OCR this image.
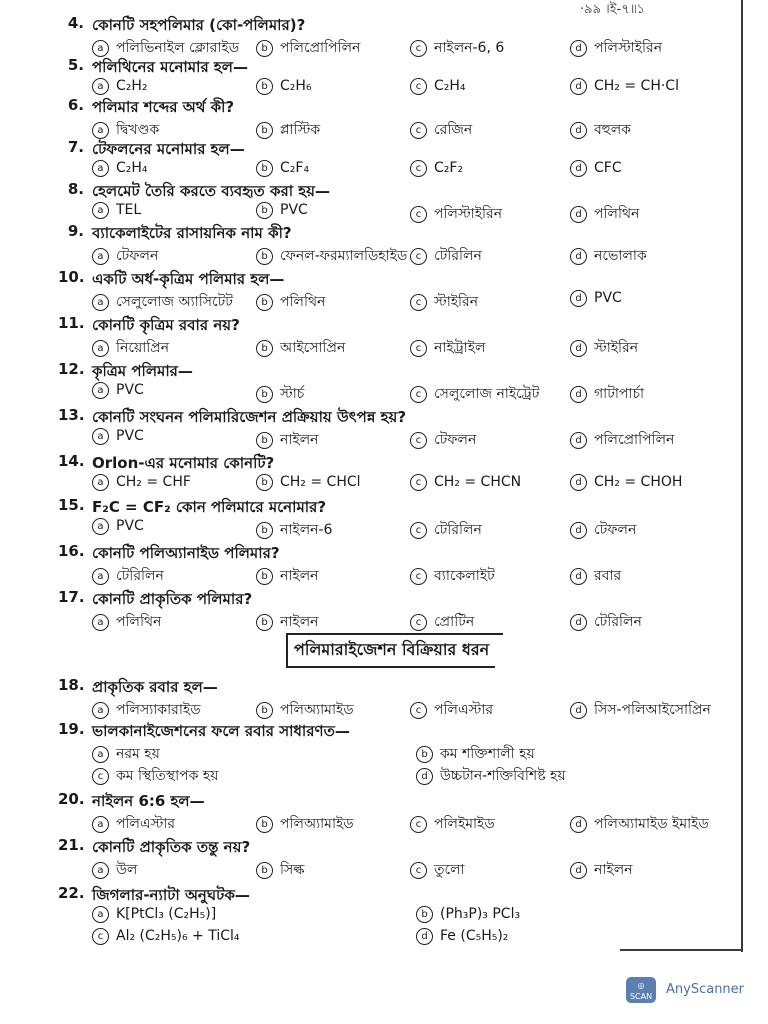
·৯৯ ।ই-৭।৷১
4. কোনটি সহপলিমার (কো-পলিমার)?
a পলিভিনাইল ক্লোরাইড	b পলিপ্রোপিলিন	c নাইলন-6, 6	d পলিস্টাইরিন
5. পলিথিনের মনোমার হল—
a C₂H₂	b C₂H₆	c C₂H₄	d CH₂ = CH·Cl
6. পলিমার শব্দের অর্থ কী?
a দ্বিখণ্ডক	b প্লাস্টিক	c রেজিন	d বহুলক
7. টেফলনের মনোমার হল—
a C₂H₄	b C₂F₄	c C₂F₂	d CFC
8. হেলমেট তৈরি করতে ব্যবহৃত করা হয়—
a TEL	b PVC	c পলিস্টাইরিন	d পলিথিন
9. ব্যাকেলাইটের রাসায়নিক নাম কী?
a টেফলন	b ফেনল-ফরম্যালডিহাইড c টেরিলিন	d নভোলাক
10. একটি অর্ধ-কৃত্রিম পলিমার হল—
a সেলুলোজ অ্যাসিটেট	b পলিথিন	c স্টাইরিন	d PVC
11. কোনটি কৃত্রিম রবার নয়?
a নিয়োপ্রিন	b আইসোপ্রিন	c নাইট্রাইল	d স্টাইরিন
12. কৃত্রিম পলিমার—
a PVC	b স্টার্চ	c সেলুলোজ নাইট্রেট	d গাটাপার্চা
13. কোনটি সংঘনন পলিমারিজেশন প্রক্রিয়ায় উৎপন্ন হয়?
a PVC	b নাইলন	c টেফলন	d পলিপ্রোপিলিন
14. Orlon-এর মনোমার কোনটি?
a CH₂ = CHF	b CH₂ = CHCl	c CH₂ = CHCN	d CH₂ = CHOH
15. F₂C = CF₂ কোন পলিমারে মনোমার?
a PVC	b নাইলন-6	c টেরিলিন	d টেফলন
16. কোনটি পলিঅ্যানাইড পলিমার?
a টেরিলিন	b নাইলন	c ব্যাকেলাইট	d রবার
17. কোনটি প্রাকৃতিক পলিমার?
a পলিথিন	b নাইলন	c প্রোটিন	d টেরিলিন
18. প্রাকৃতিক রবার হল—
a পলিস্যাকারাইড	b পলিঅ্যামাইড	c পলিএস্টার	d সিস-পলিআইসোপ্রিন
19. ভালকানাইজেশনের ফলে রবার সাধারণত—
a নরম হয়	b কম শক্তিশালী হয়
c কম স্থিতিস্থাপক হয়	d উচ্চটান-শক্তিবিশিষ্ট হয়
20. নাইলন 6:6 হল—
a পলিএস্টার	b পলিঅ্যামাইড	c পলিইমাইড	d পলিঅ্যামাইড ইমাইড
21. কোনটি প্রাকৃতিক তন্তু নয়?
a উল	b সিল্ক	c তুলো	d নাইলন
22. জিগলার-ন্যাটা অনুঘটক—
a K[PtCl₃ (C₂H₅)]	b (Ph₃P)₃ PCl₃
c Al₂ (C₂H₅)₆ + TiCl₄	d Fe (C₅H₅)₂
পলিমারাইজেশন বিক্রিয়ার ধরন
◎
SCAN	AnyScanner
